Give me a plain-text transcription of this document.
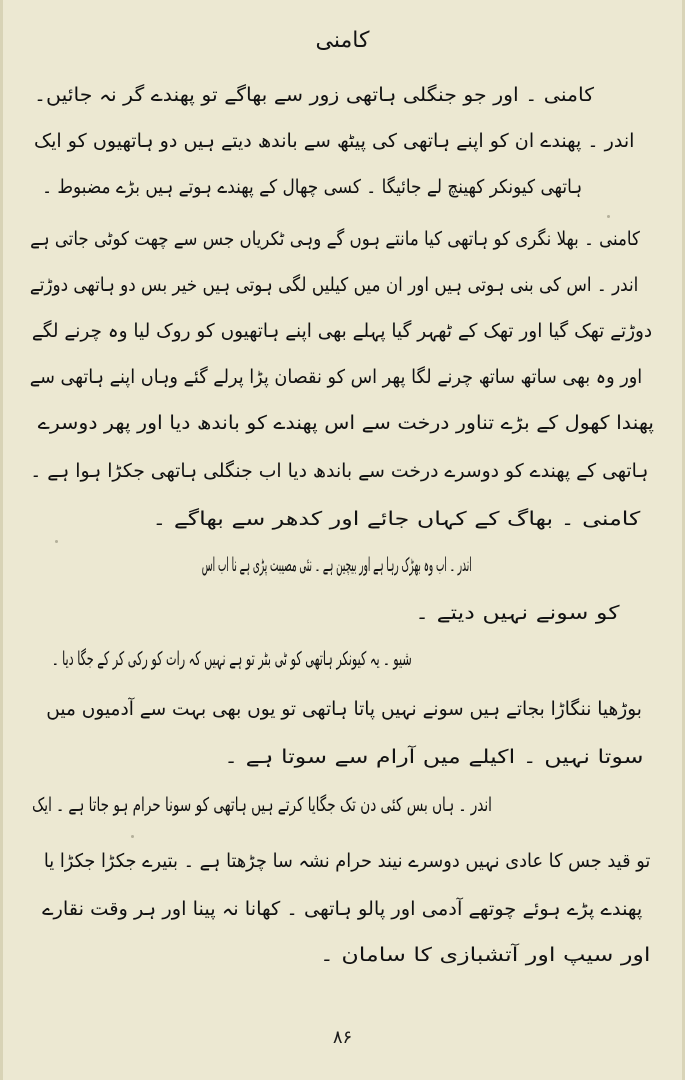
کامنی
کامنی ۔ اور جو جنگلی ہاتھی زور سے بھاگے تو پھندے گر نہ جائیں۔
اندر ۔ پھندے ان کو اپنے ہاتھی کی پیٹھ سے باندھ دیتے ہیں دو ہاتھیوں کو ایک
ہاتھی کیونکر کھینچ لے جائیگا ۔ کسی چھال کے پھندے ہوتے ہیں بڑے مضبوط ۔
کامنی ۔ بھلا نگری کو ہاتھی کیا مانتے ہوں گے وہی ٹکریاں جس سے چھت کوٹی جاتی ہے
اندر ۔ اس کی بنی ہوتی ہیں اور ان میں کیلیں لگی ہوتی ہیں خیر بس دو ہاتھی دوڑتے
دوڑتے تھک گیا اور تھک کے ٹھہر گیا پہلے بھی اپنے ہاتھیوں کو روک لیا وہ چرنے لگے
اور وہ بھی ساتھ ساتھ چرنے لگا پھر اس کو نقصان پڑا پرلے گئے وہاں اپنے ہاتھی سے
پھندا کھول کے بڑے تناور درخت سے اس پھندے کو باندھ دیا اور پھر دوسرے
ہاتھی کے پھندے کو دوسرے درخت سے باندھ دیا اب جنگلی ہاتھی جکڑا ہوا ہے ۔
کامنی ۔ بھاگ کے کہاں جائے اور کدھر سے بھاگے ۔
اندر ۔ اب وہ بھڑک رہا ہے اور بیچین ہے ۔ نئی مصیبت پڑی ہے نا اب اس
کو سونے نہیں دیتے ۔
شیو ۔ یہ کیونکر ہاتھی کو ٹی بٹر تو ہے نہیں کہ رات کو رکی کر کے جگا دیا ۔
بوڑھیا ننگاڑا بجاتے ہیں سونے نہیں پاتا ہاتھی تو یوں بھی بہت سے آدمیوں میں
سوتا نہیں ۔ اکیلے میں آرام سے سوتا ہے ۔
اندر ۔ ہاں بس کئی دن تک جگایا کرتے ہیں ہاتھی کو سونا حرام ہو جاتا ہے ۔ ایک
تو قید جس کا عادی نہیں دوسرے نیند حرام نشہ سا چڑھتا ہے ۔ بتیرے جکڑا جکڑا یا
پھندے پڑے ہوئے چوتھے آدمی اور پالو ہاتھی ۔ کھانا نہ پینا اور ہر وقت نقارے
اور سیپ اور آتشبازی کا سامان ۔
۸۶
